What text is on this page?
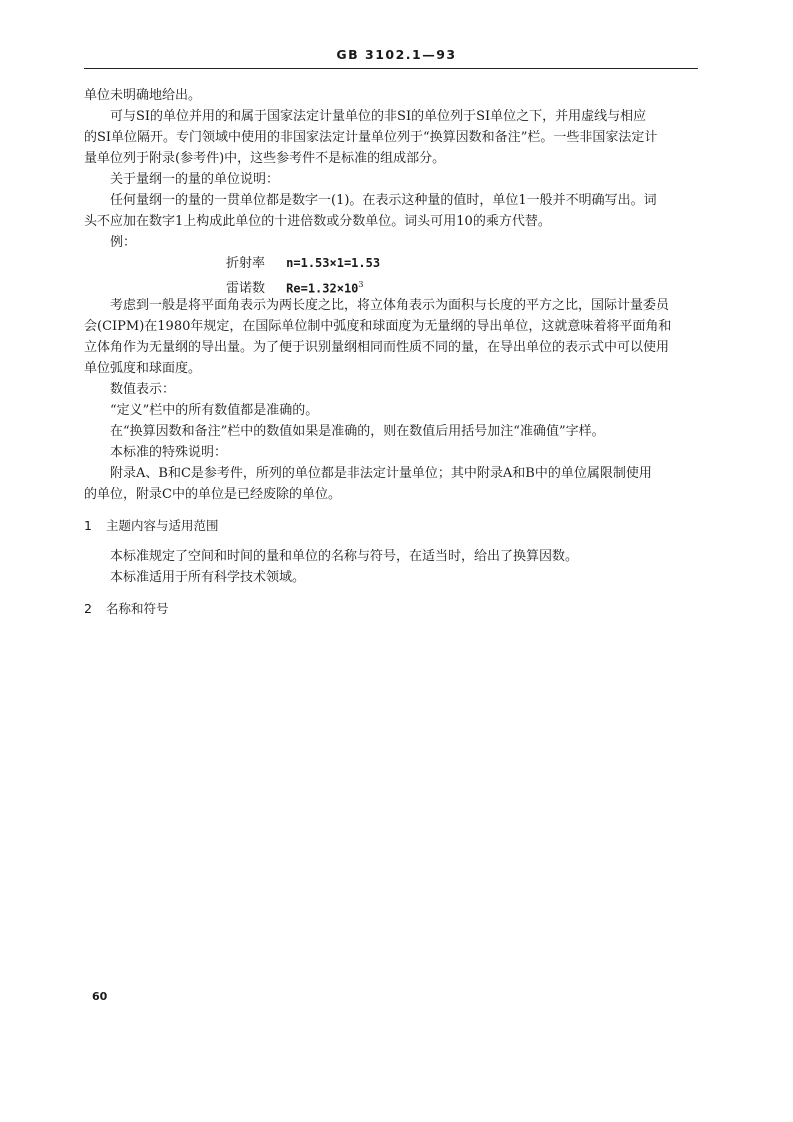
GB 3102.1—93
单位未明确地给出。
可与SI的单位并用的和属于国家法定计量单位的非SI的单位列于SI单位之下，并用虚线与相应
的SI单位隔开。专门领域中使用的非国家法定计量单位列于“换算因数和备注”栏。一些非国家法定计
量单位列于附录(参考件)中，这些参考件不是标准的组成部分。
关于量纲一的量的单位说明：
任何量纲一的量的一贯单位都是数字一(1)。在表示这种量的值时，单位1一般并不明确写出。词
头不应加在数字1上构成此单位的十进倍数或分数单位。词头可用10的乘方代替。
例：
折射率 n=1.53×1=1.53
雷诺数 $Re=1.32\times 10^3$
考虑到一般是将平面角表示为两长度之比，将立体角表示为面积与长度的平方之比，国际计量委员
会(CIPM)在1980年规定，在国际单位制中弧度和球面度为无量纲的导出单位，这就意味着将平面角和
立体角作为无量纲的导出量。为了便于识别量纲相同而性质不同的量，在导出单位的表示式中可以使用
单位弧度和球面度。
数值表示：
“定义”栏中的所有数值都是准确的。
在“换算因数和备注”栏中的数值如果是准确的，则在数值后用括号加注“准确值”字样。
本标准的特殊说明：
附录A、B和C是参考件，所列的单位都是非法定计量单位；其中附录A和B中的单位属限制使用
的单位，附录C中的单位是已经废除的单位。
1 主题内容与适用范围
本标准规定了空间和时间的量和单位的名称与符号，在适当时，给出了换算因数。
本标准适用于所有科学技术领域。
2 名称和符号
60
